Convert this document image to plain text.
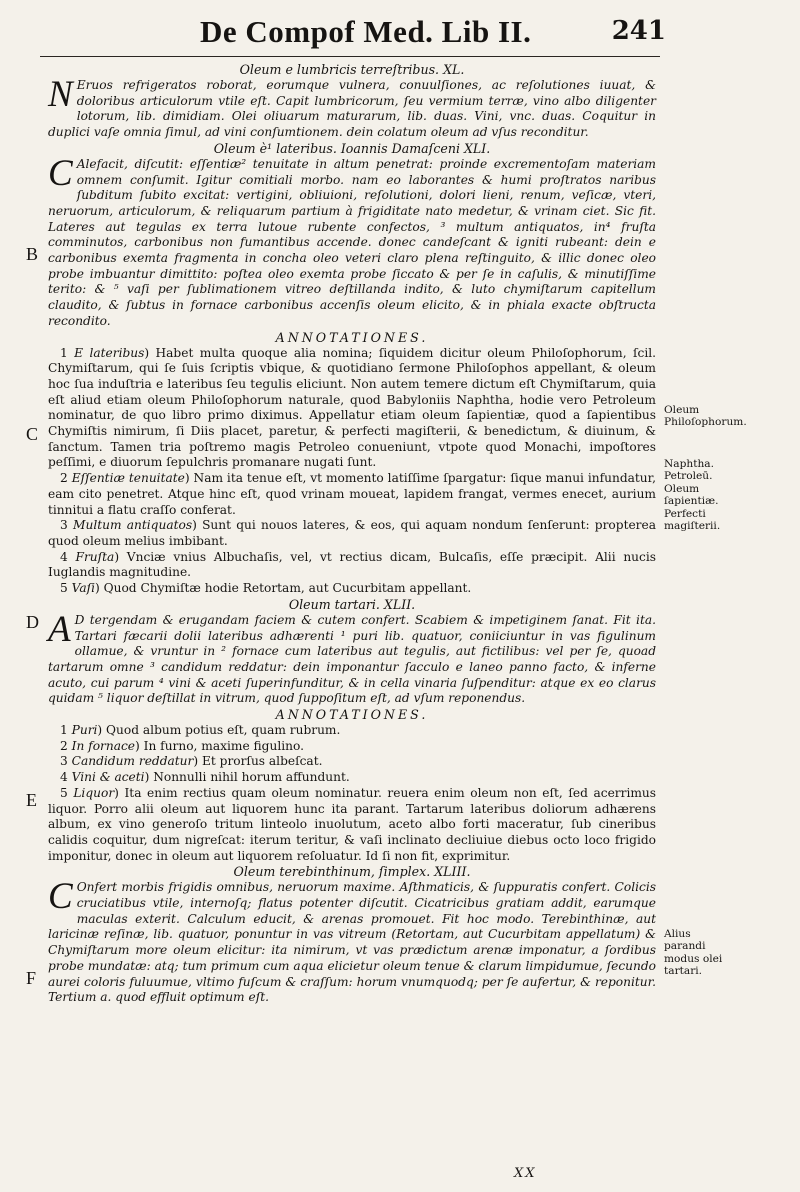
De Compof Med. Lib II.	241

Oleum e lumbricis terreſtribus. XL.

N Eruos refrigeratos roborat, eorumque vulnera, conuulſiones, ac reſolutiones iuuat, & doloribus articulorum vtile eſt. Capit lumbricorum, ſeu vermium terræ, vino albo diligenter lotorum, lib. dimidiam. Olei oliuarum maturarum, lib. duas. Vini, vnc. duas. Coquitur in duplici vaſe omnia ſimul, ad vini conſumtionem. dein colatum oleum ad vſus reconditur.

Oleum è¹ lateribus. Ioannis Damaſceni XLI.

C Alefacit, diſcutit: eſſentiæ² tenuitate in altum penetrat: proinde excrementoſam materiam omnem conſumit. Igitur comitiali morbo. nam eo laborantes & humi proſtratos naribus ſubditum ſubito excitat: vertigini, obliuioni, reſolutioni, dolori lieni, renum, veſicæ, vteri, neruorum, articulorum, & reliquarum partium à frigiditate nato medetur, & vrinam ciet. Sic fit. Lateres aut tegulas ex terra lutoue rubente confectos, ³ multum antiquatos, in⁴ fruſta comminutos, carbonibus non fumantibus accende. donec candeſcant & igniti rubeant: dein e carbonibus exemta fragmenta in concha oleo veteri claro plena reſtinguito, & illic donec oleo probe imbuantur dimittito: poſtea oleo exemta probe ſiccato & per ſe in caſulis, & minutiſſime terito: & ⁵ vaſi per ſublimationem vitreo deſtillanda indito, & luto chymiſtarum capitellum claudito, & ſubtus in fornace carbonibus accenſis oleum elicito, & in phiala exacte obſtructa recondito.

ANNOTATIONES.

1 E lateribus) Habet multa quoque alia nomina; ſiquidem dicitur oleum Philoſophorum, ſcil. Chymiſtarum, qui ſe ſuis ſcriptis vbique, & quotidiano ſermone Philoſophos appellant, & oleum hoc ſua induſtria e lateribus ſeu tegulis eliciunt. Non autem temere dictum eſt Chymiſtarum, quia eſt aliud etiam oleum Philoſophorum naturale, quod Babyloniis Naphtha, hodie vero Petroleum nominatur, de quo libro primo diximus. Appellatur etiam oleum ſapientiæ, quod a ſapientibus Chymiſtis nimirum, ſi Diis placet, paretur, & perfecti magiſterii, & benedictum, & diuinum, & ſanctum. Tamen tria poſtremo magis Petroleo conueniunt, vtpote quod Monachi, impoſtores peſſimi, e diuorum ſepulchris promanare nugati ſunt.

2 Eſſentiæ tenuitate) Nam ita tenue eſt, vt momento latiſſime ſpargatur: ſique manui infundatur, eam cito penetret. Atque hinc eſt, quod vrinam moueat, lapidem frangat, vermes enecet, aurium tinnitui a flatu craſſo conferat.

3 Multum antiquatos) Sunt qui nouos lateres, & eos, qui aquam nondum ſenſerunt: propterea quod oleum melius imbibant.

4 Fruſta) Vnciæ vnius Albuchaſis, vel, vt rectius dicam, Bulcaſis, eſſe præcipit. Alii nucis Iuglandis magnitudine.

5 Vaſi) Quod Chymiſtæ hodie Retortam, aut Cucurbitam appellant.

Oleum tartari. XLII.

A D tergendam & erugandam faciem & cutem confert. Scabiem & impetiginem ſanat. Fit ita. Tartari fæcarii dolii lateribus adhærenti ¹ puri lib. quatuor, coniiciuntur in vas figulinum ollamue, & vruntur in ² fornace cum lateribus aut tegulis, aut fictilibus: vel per ſe, quoad tartarum omne ³ candidum reddatur: dein imponantur ſacculo e laneo panno facto, & inferne acuto, cui parum ⁴ vini & aceti ſuperinfunditur, & in cella vinaria ſuſpenditur: atque ex eo clarus quidam ⁵ liquor deſtillat in vitrum, quod ſuppoſitum eſt, ad vſum reponendus.

ANNOTATIONES.

1 Puri) Quod album potius eſt, quam rubrum.

2 In fornace) In furno, maxime figulino.

3 Candidum reddatur) Et prorſus albeſcat.

4 Vini & aceti) Nonnulli nihil horum affundunt.

5 Liquor) Ita enim rectius quam oleum nominatur. reuera enim oleum non eſt, ſed acerrimus liquor. Porro alii oleum aut liquorem hunc ita parant. Tartarum lateribus doliorum adhærens album, ex vino generoſo tritum linteolo inuolutum, aceto albo forti maceratur, ſub cineribus calidis coquitur, dum nigreſcat: iterum teritur, & vaſi inclinato decliuiue diebus octo loco frigido imponitur, donec in oleum aut liquorem reſoluatur. Id ſi non fit, exprimitur.

Oleum terebinthinum, ſimplex. XLIII.

C Onfert morbis frigidis omnibus, neruorum maxime. Aſthmaticis, & ſuppuratis confert. Colicis cruciatibus vtile, internoſq; flatus potenter diſcutit. Cicatricibus gratiam addit, earumque maculas exterit. Calculum educit, & arenas promouet. Fit hoc modo. Terebinthinæ, aut laricinæ reſinæ, lib. quatuor, ponuntur in vas vitreum (Retortam, aut Cucurbitam appellatum) & Chymiſtarum more oleum elicitur: ita nimirum, vt vas prædictum arenæ imponatur, a ſordibus probe mundatæ: atq; tum primum cum aqua elicietur oleum tenue & clarum limpidumue, ſecundo aurei coloris fuluumue, vltimo fuſcum & craſſum: horum vnumquodq; per ſe aufertur, & reponitur. Tertium a. quod effluit optimum eſt.

B
C
D
E
F
Oleum Philoſophorum.
Naphtha. Petroleū. Oleum ſapientiæ. Perfecti magiſterii.
Alius parandi modus olei tartari.
XX
